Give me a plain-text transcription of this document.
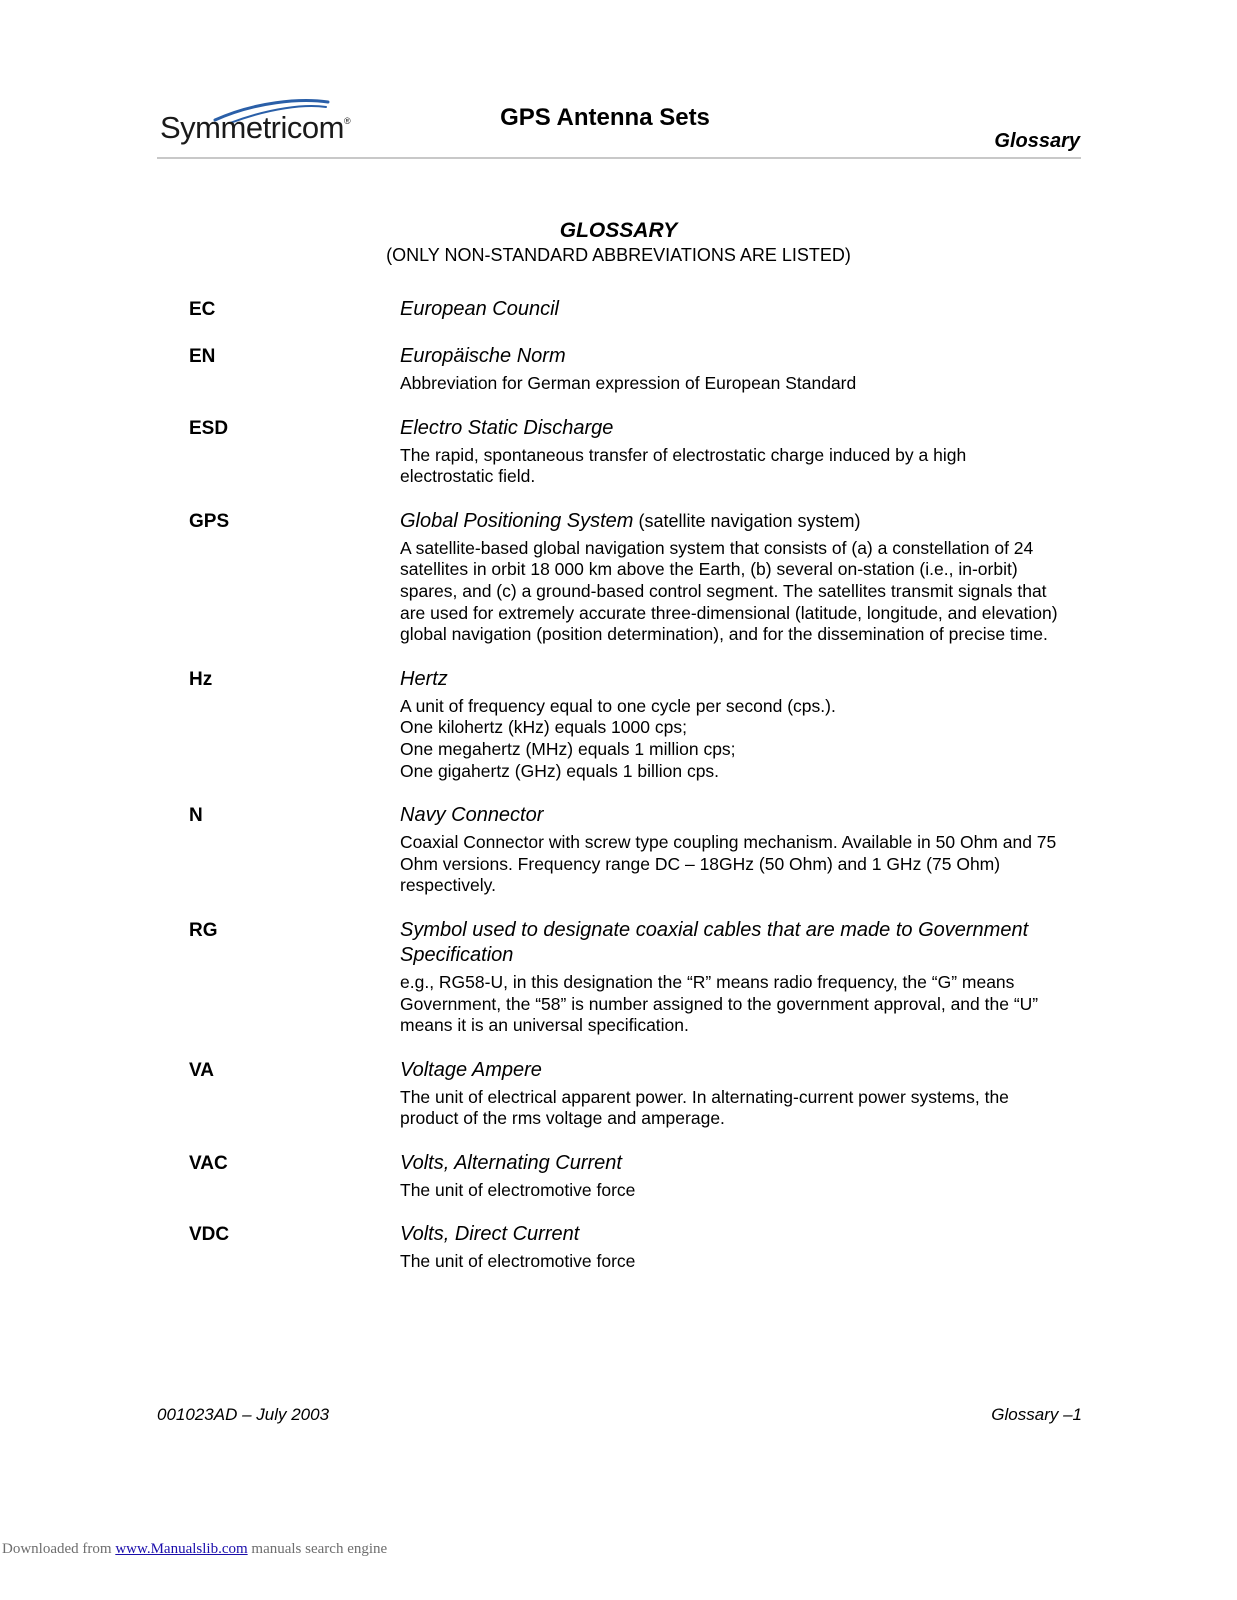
Symmetricom®	GPS Antenna Sets
Glossary
GLOSSARY
(ONLY NON-STANDARD ABBREVIATIONS ARE LISTED)
EC	European Council
EN	Europäische Norm
Abbreviation for German expression of European Standard
ESD	Electro Static Discharge
The rapid, spontaneous transfer of electrostatic charge induced by a high electrostatic field.
GPS	Global Positioning System (satellite navigation system)
A satellite-based global navigation system that consists of (a) a constellation of 24 satellites in orbit 18 000 km above the Earth, (b) several on-station (i.e., in-orbit) spares, and (c) a ground-based control segment. The satellites transmit signals that are used for extremely accurate three-dimensional (latitude, longitude, and elevation) global navigation (position determination), and for the dissemination of precise time.
Hz	Hertz
A unit of frequency equal to one cycle per second (cps.).
One kilohertz (kHz) equals 1000 cps;
One megahertz (MHz) equals 1 million cps;
One gigahertz (GHz) equals 1 billion cps.
N	Navy Connector
Coaxial Connector with screw type coupling mechanism. Available in 50 Ohm and 75 Ohm versions. Frequency range DC – 18GHz (50 Ohm) and 1 GHz (75 Ohm) respectively.
RG	Symbol used to designate coaxial cables that are made to Government Specification
e.g., RG58-U, in this designation the “R” means radio frequency, the “G” means Government, the “58” is number assigned to the government approval, and the “U” means it is an universal specification.
VA	Voltage Ampere
The unit of electrical apparent power. In alternating-current power systems, the product of the rms voltage and amperage.
VAC	Volts, Alternating Current
The unit of electromotive force
VDC	Volts, Direct Current
The unit of electromotive force
001023AD – July 2003	Glossary –1
Downloaded from www.Manualslib.com manuals search engine
